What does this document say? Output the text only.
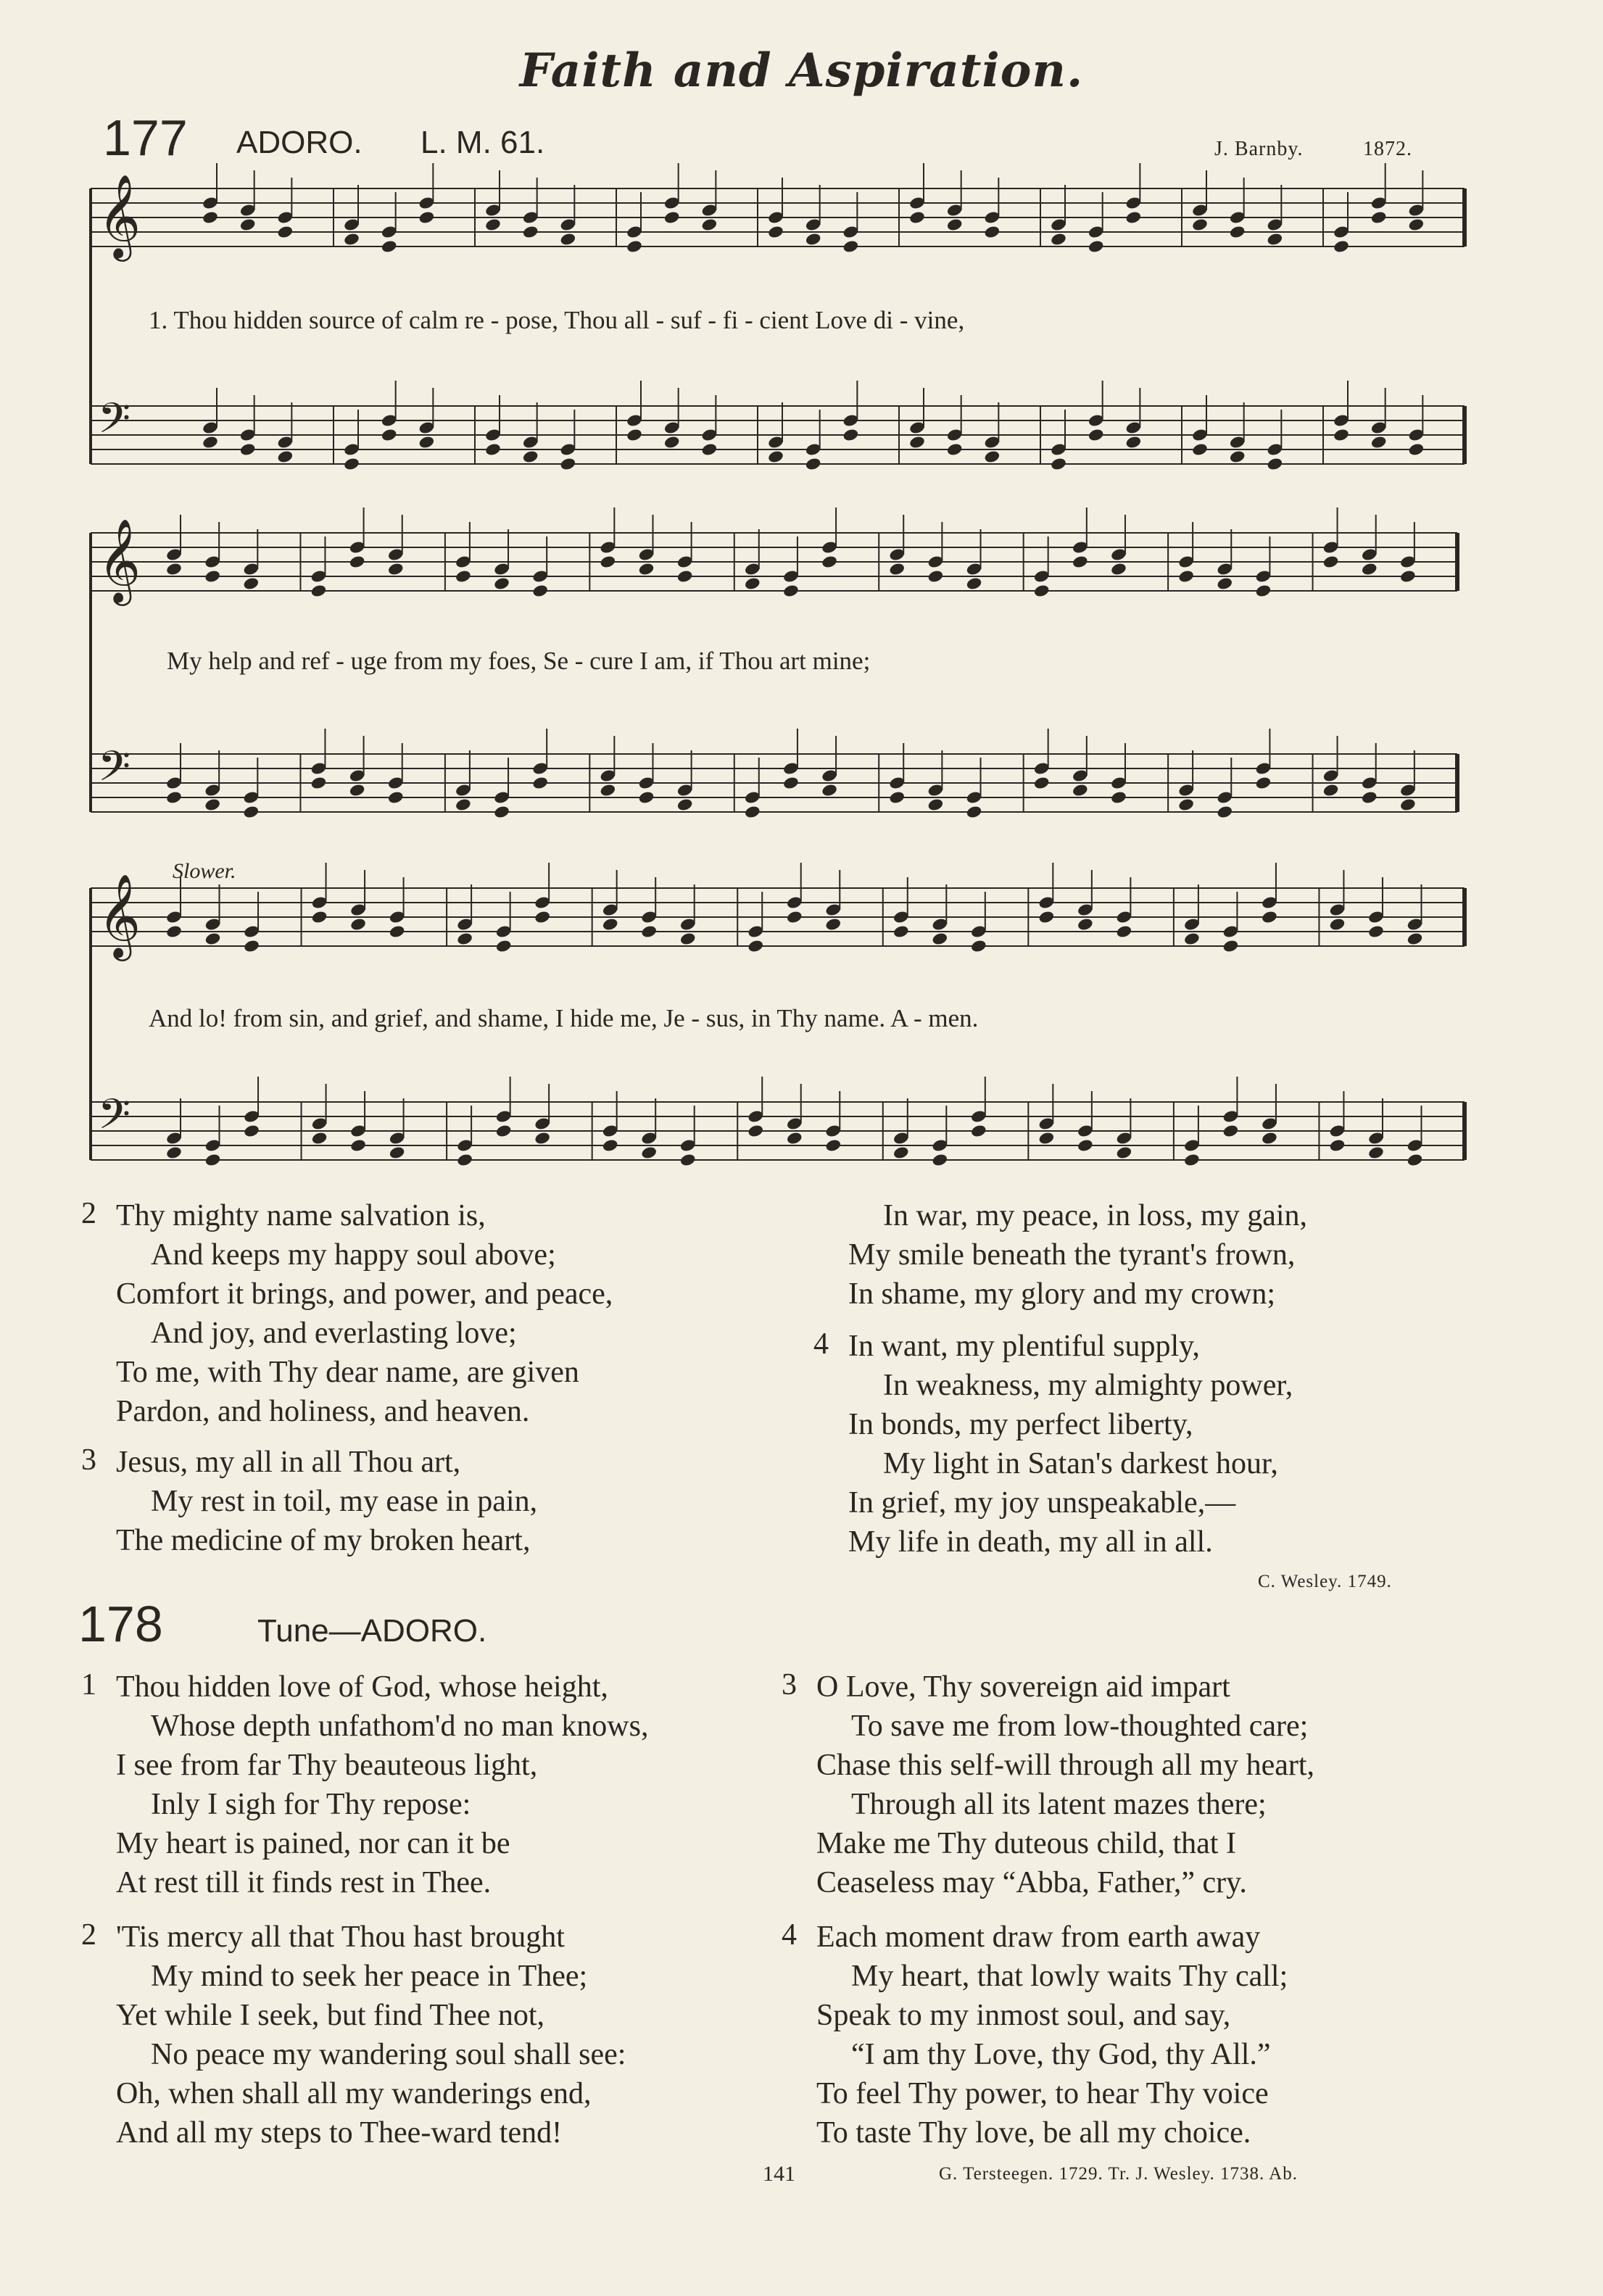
Faith and Aspiration.
177 ADORO. L. M. 61.	J. Barnby.	1872.
𝄞
𝄢
𝄞
𝄢
𝄞
𝄢
1. Thou hidden source of calm re - pose, Thou all - suf - fi - cient Love di - vine,
My help and ref - uge from my foes, Se - cure I am, if Thou art mine;
Slower.
And lo! from sin, and grief, and shame, I hide me, Je - sus, in Thy name. A - men.
2 Thy mighty name salvation is,
And keeps my happy soul above;
Comfort it brings, and power, and peace,
And joy, and everlasting love;
To me, with Thy dear name, are given
Pardon, and holiness, and heaven.
3 Jesus, my all in all Thou art,
My rest in toil, my ease in pain,
The medicine of my broken heart,
In war, my peace, in loss, my gain,
My smile beneath the tyrant's frown,
In shame, my glory and my crown;
4 In want, my plentiful supply,
In weakness, my almighty power,
In bonds, my perfect liberty,
My light in Satan's darkest hour,
In grief, my joy unspeakable,—
My life in death, my all in all.
C. Wesley. 1749.
178	Tune—ADORO.
1 Thou hidden love of God, whose height,
Whose depth unfathom'd no man knows,
I see from far Thy beauteous light,
Inly I sigh for Thy repose:
My heart is pained, nor can it be
At rest till it finds rest in Thee.
2 'Tis mercy all that Thou hast brought
My mind to seek her peace in Thee;
Yet while I seek, but find Thee not,
No peace my wandering soul shall see:
Oh, when shall all my wanderings end,
And all my steps to Thee-ward tend!
3 O Love, Thy sovereign aid impart
To save me from low-thoughted care;
Chase this self-will through all my heart,
Through all its latent mazes there;
Make me Thy duteous child, that I
Ceaseless may “Abba, Father,” cry.
4 Each moment draw from earth away
My heart, that lowly waits Thy call;
Speak to my inmost soul, and say,
“I am thy Love, thy God, thy All.”
To feel Thy power, to hear Thy voice
To taste Thy love, be all my choice.
141	G. Tersteegen. 1729. Tr. J. Wesley. 1738. Ab.
